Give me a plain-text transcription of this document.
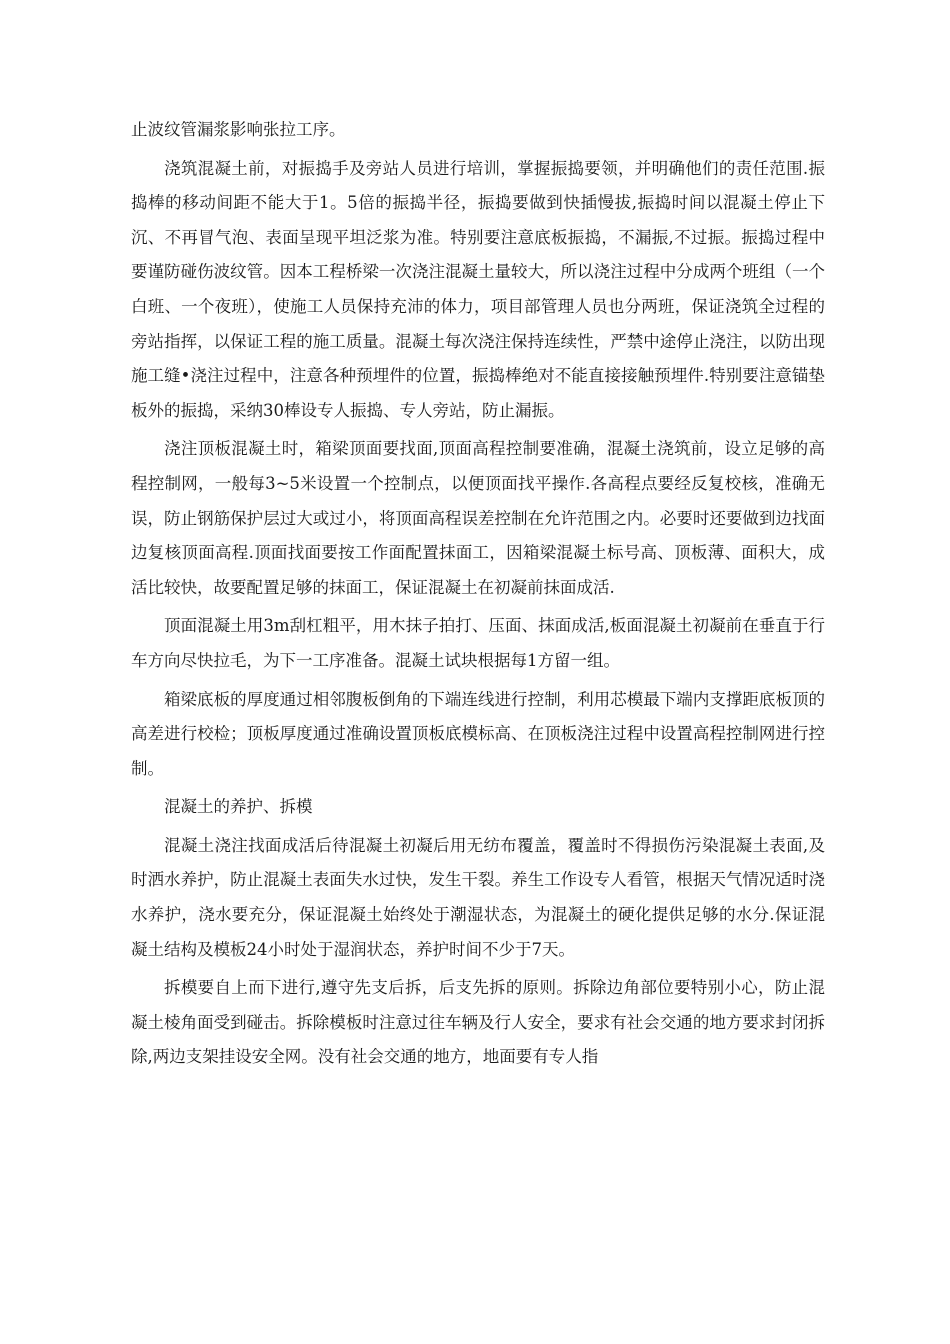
止波纹管漏浆影响张拉工序。

浇筑混凝土前，对振捣手及旁站人员进行培训，掌握振捣要领，并明确他们的责任范围.振捣棒的移动间距不能大于1。5倍的振捣半径，振捣要做到快插慢拔,振捣时间以混凝土停止下沉、不再冒气泡、表面呈现平坦泛浆为准。特别要注意底板振捣，不漏振,不过振。振捣过程中要谨防碰伤波纹管。因本工程桥梁一次浇注混凝土量较大，所以浇注过程中分成两个班组（一个白班、一个夜班），使施工人员保持充沛的体力，项目部管理人员也分两班，保证浇筑全过程的旁站指挥，以保证工程的施工质量。混凝土每次浇注保持连续性，严禁中途停止浇注，以防出现施工缝•浇注过程中，注意各种预埋件的位置，振捣棒绝对不能直接接触预埋件.特别要注意锚垫板外的振捣，采纳30棒设专人振捣、专人旁站，防止漏振。

浇注顶板混凝土时，箱梁顶面要找面,顶面高程控制要准确，混凝土浇筑前，设立足够的高程控制网，一般每3~5米设置一个控制点，以便顶面找平操作.各高程点要经反复校核，准确无误，防止钢筋保护层过大或过小，将顶面高程误差控制在允许范围之内。必要时还要做到边找面边复核顶面高程.顶面找面要按工作面配置抹面工，因箱梁混凝土标号高、顶板薄、面积大，成活比较快，故要配置足够的抹面工，保证混凝土在初凝前抹面成活.

顶面混凝土用3m刮杠粗平，用木抹子拍打、压面、抹面成活,板面混凝土初凝前在垂直于行车方向尽快拉毛，为下一工序准备。混凝土试块根据每1方留一组。

箱梁底板的厚度通过相邻腹板倒角的下端连线进行控制，利用芯模最下端内支撑距底板顶的高差进行校检；顶板厚度通过准确设置顶板底模标高、在顶板浇注过程中设置高程控制网进行控制。

混凝土的养护、拆模

混凝土浇注找面成活后待混凝土初凝后用无纺布覆盖，覆盖时不得损伤污染混凝土表面,及时洒水养护，防止混凝土表面失水过快，发生干裂。养生工作设专人看管，根据天气情况适时浇水养护，浇水要充分，保证混凝土始终处于潮湿状态，为混凝土的硬化提供足够的水分.保证混凝土结构及模板24小时处于湿润状态，养护时间不少于7天。

拆模要自上而下进行,遵守先支后拆，后支先拆的原则。拆除边角部位要特别小心，防止混凝土棱角面受到碰击。拆除模板时注意过往车辆及行人安全，要求有社会交通的地方要求封闭拆除,两边支架挂设安全网。没有社会交通的地方，地面要有专人指
